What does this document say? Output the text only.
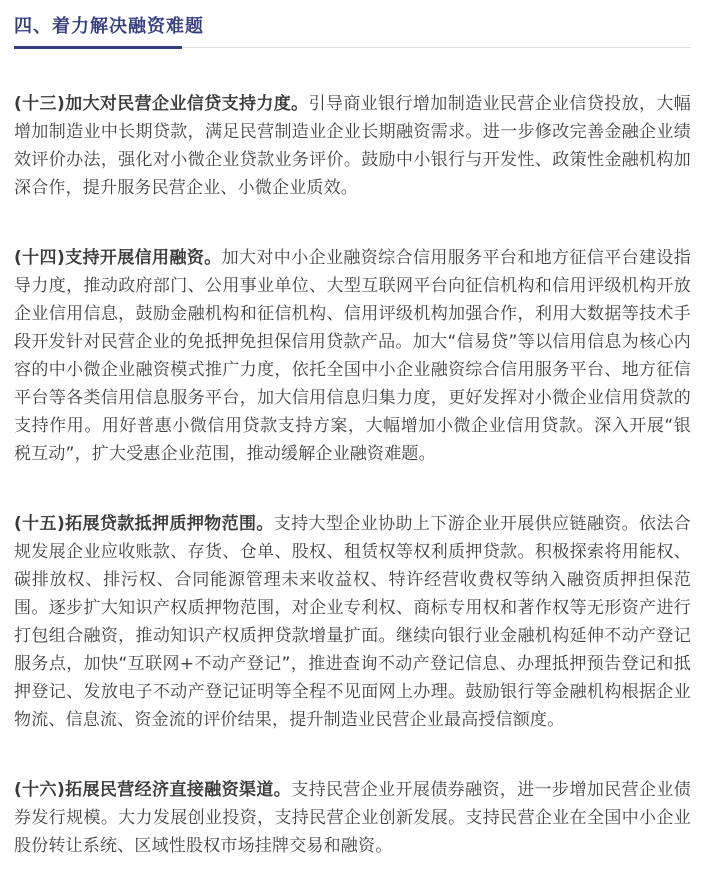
四、着力解决融资难题

(十三)加大对民营企业信贷支持力度。引导商业银行增加制造业民营企业信贷投放，大幅增加制造业中长期贷款，满足民营制造业企业长期融资需求。进一步修改完善金融企业绩效评价办法，强化对小微企业贷款业务评价。鼓励中小银行与开发性、政策性金融机构加深合作，提升服务民营企业、小微企业质效。

(十四)支持开展信用融资。加大对中小企业融资综合信用服务平台和地方征信平台建设指导力度，推动政府部门、公用事业单位、大型互联网平台向征信机构和信用评级机构开放企业信用信息，鼓励金融机构和征信机构、信用评级机构加强合作，利用大数据等技术手段开发针对民营企业的免抵押免担保信用贷款产品。加大“信易贷”等以信用信息为核心内容的中小微企业融资模式推广力度，依托全国中小企业融资综合信用服务平台、地方征信平台等各类信用信息服务平台，加大信用信息归集力度，更好发挥对小微企业信用贷款的支持作用。用好普惠小微信用贷款支持方案，大幅增加小微企业信用贷款。深入开展“银税互动”，扩大受惠企业范围，推动缓解企业融资难题。

(十五)拓展贷款抵押质押物范围。支持大型企业协助上下游企业开展供应链融资。依法合规发展企业应收账款、存货、仓单、股权、租赁权等权利质押贷款。积极探索将用能权、碳排放权、排污权、合同能源管理未来收益权、特许经营收费权等纳入融资质押担保范围。逐步扩大知识产权质押物范围，对企业专利权、商标专用权和著作权等无形资产进行打包组合融资，推动知识产权质押贷款增量扩面。继续向银行业金融机构延伸不动产登记服务点，加快“互联网+不动产登记”，推进查询不动产登记信息、办理抵押预告登记和抵押登记、发放电子不动产登记证明等全程不见面网上办理。鼓励银行等金融机构根据企业物流、信息流、资金流的评价结果，提升制造业民营企业最高授信额度。

(十六)拓展民营经济直接融资渠道。支持民营企业开展债券融资，进一步增加民营企业债券发行规模。大力发展创业投资，支持民营企业创新发展。支持民营企业在全国中小企业股份转让系统、区域性股权市场挂牌交易和融资。
